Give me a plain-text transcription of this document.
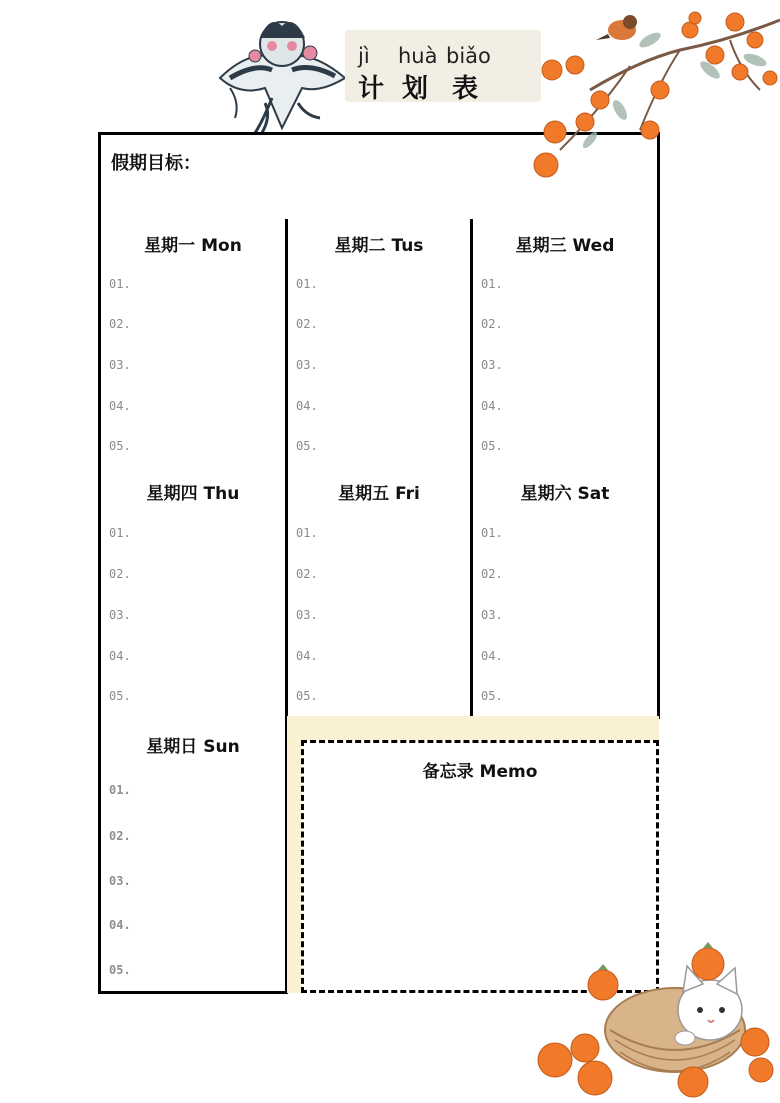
jì huà biǎo
计 划 表
假期目标：
星期一 Mon
01.
02.
03.
04.
05.
星期二 Tus
01.
02.
03.
04.
05.
星期三 Wed
01.
02.
03.
04.
05.
星期四 Thu
01.
02.
03.
04.
05.
星期五 Fri
01.
02.
03.
04.
05.
星期六 Sat
01.
02.
03.
04.
05.
星期日 Sun
01.
02.
03.
04.
05.
备忘录 Memo
